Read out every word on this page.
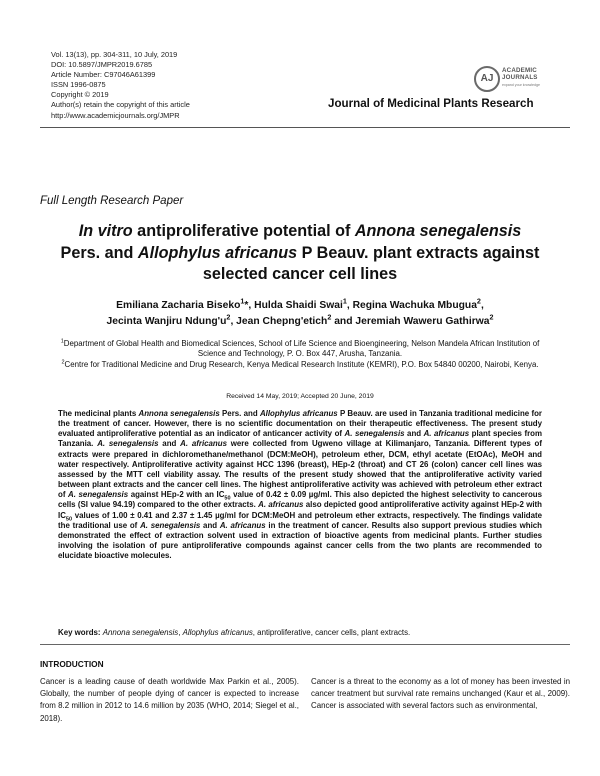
Vol. 13(13), pp. 304-311, 10 July, 2019
DOI: 10.5897/JMPR2019.6785
Article Number: C97046A61399
ISSN 1996-0875
Copyright © 2019
Author(s) retain the copyright of this article
http://www.academicjournals.org/JMPR
AJ
ACADEMIC
JOURNALS
expand your knowledge
Journal of Medicinal Plants Research
Full Length Research Paper
In vitro antiproliferative potential of Annona senegalensis Pers. and Allophylus africanus P Beauv. plant extracts against selected cancer cell lines
Emiliana Zacharia Biseko$^1$*, Hulda Shaidi Swai$^1$, Regina Wachuka Mbugua$^2$,
Jecinta Wanjiru $Ndung'u^2$, Jean Chepng'etich$^2$ and Jeremiah Waweru Gathirwa$^2$
$^1$Department of Global Health and Biomedical Sciences, School of Life Science and Bioengineering, Nelson Mandela African Institution of Science and Technology, P. O. Box 447, Arusha, Tanzania.
$^2$Centre for Traditional Medicine and Drug Research, Kenya Medical Research Institute (KEMRI), P.O. Box 54840 00200, Nairobi, Kenya.
Received 14 May, 2019; Accepted 20 June, 2019
The medicinal plants Annona senegalensis Pers. and Allophylus africanus P Beauv. are used in Tanzania traditional medicine for the treatment of cancer. However, there is no scientific documentation on their therapeutic effectiveness. The present study evaluated antiproliferative potential as an indicator of anticancer activity of A. senegalensis and A. africanus plant species from Tanzania. A. senegalensis and A. africanus were collected from Ugweno village at Kilimanjaro, Tanzania. Different types of extracts were prepared in dichloromethane/methanol (DCM:MeOH), petroleum ether, DCM, ethyl acetate (EtOAc), MeOH and water respectively. Antiproliferative activity against HCC 1396 (breast), HEp-2 (throat) and CT 26 (colon) cancer cell lines was assessed by the MTT cell viability assay. The results of the present study showed that the antiproliferative activity varied between plant extracts and the cancer cell lines. The highest antiproliferative activity was achieved with petroleum ether extract of A. senegalensis against HEp-2 with an $IC_{50}$ value of 0.42 ± 0.09 µg/ml. This also depicted the highest selectivity to cancerous cells (SI value 94.19) compared to the other extracts. A. africanus also depicted good antiproliferative activity against HEp-2 with $IC_{50}$ values of 1.00 ± 0.41 and 2.37 ± 1.45 µg/ml for DCM:MeOH and petroleum ether extracts, respectively. The findings validate the traditional use of A. senegalensis and A. africanus in the treatment of cancer. Results also support previous studies which demonstrated the effect of extraction solvent used in extraction of bioactive agents from medicinal plants. Further studies involving the isolation of pure antiproliferative compounds against cancer cells from the two plants are recommended to elucidate bioactive molecules.
Key words: Annona senegalensis, Allophylus africanus, antiproliferative, cancer cells, plant extracts.
INTRODUCTION
Cancer is a leading cause of death worldwide Max Parkin et al., 2005). Globally, the number of people dying of cancer is expected to increase from 8.2 million in 2012 to 14.6 million by 2035 (WHO, 2014; Siegel et al., 2018).
Cancer is a threat to the economy as a lot of money has been invested in cancer treatment but survival rate remains unchanged (Kaur et al., 2009). Cancer is associated with several factors such as environmental,
